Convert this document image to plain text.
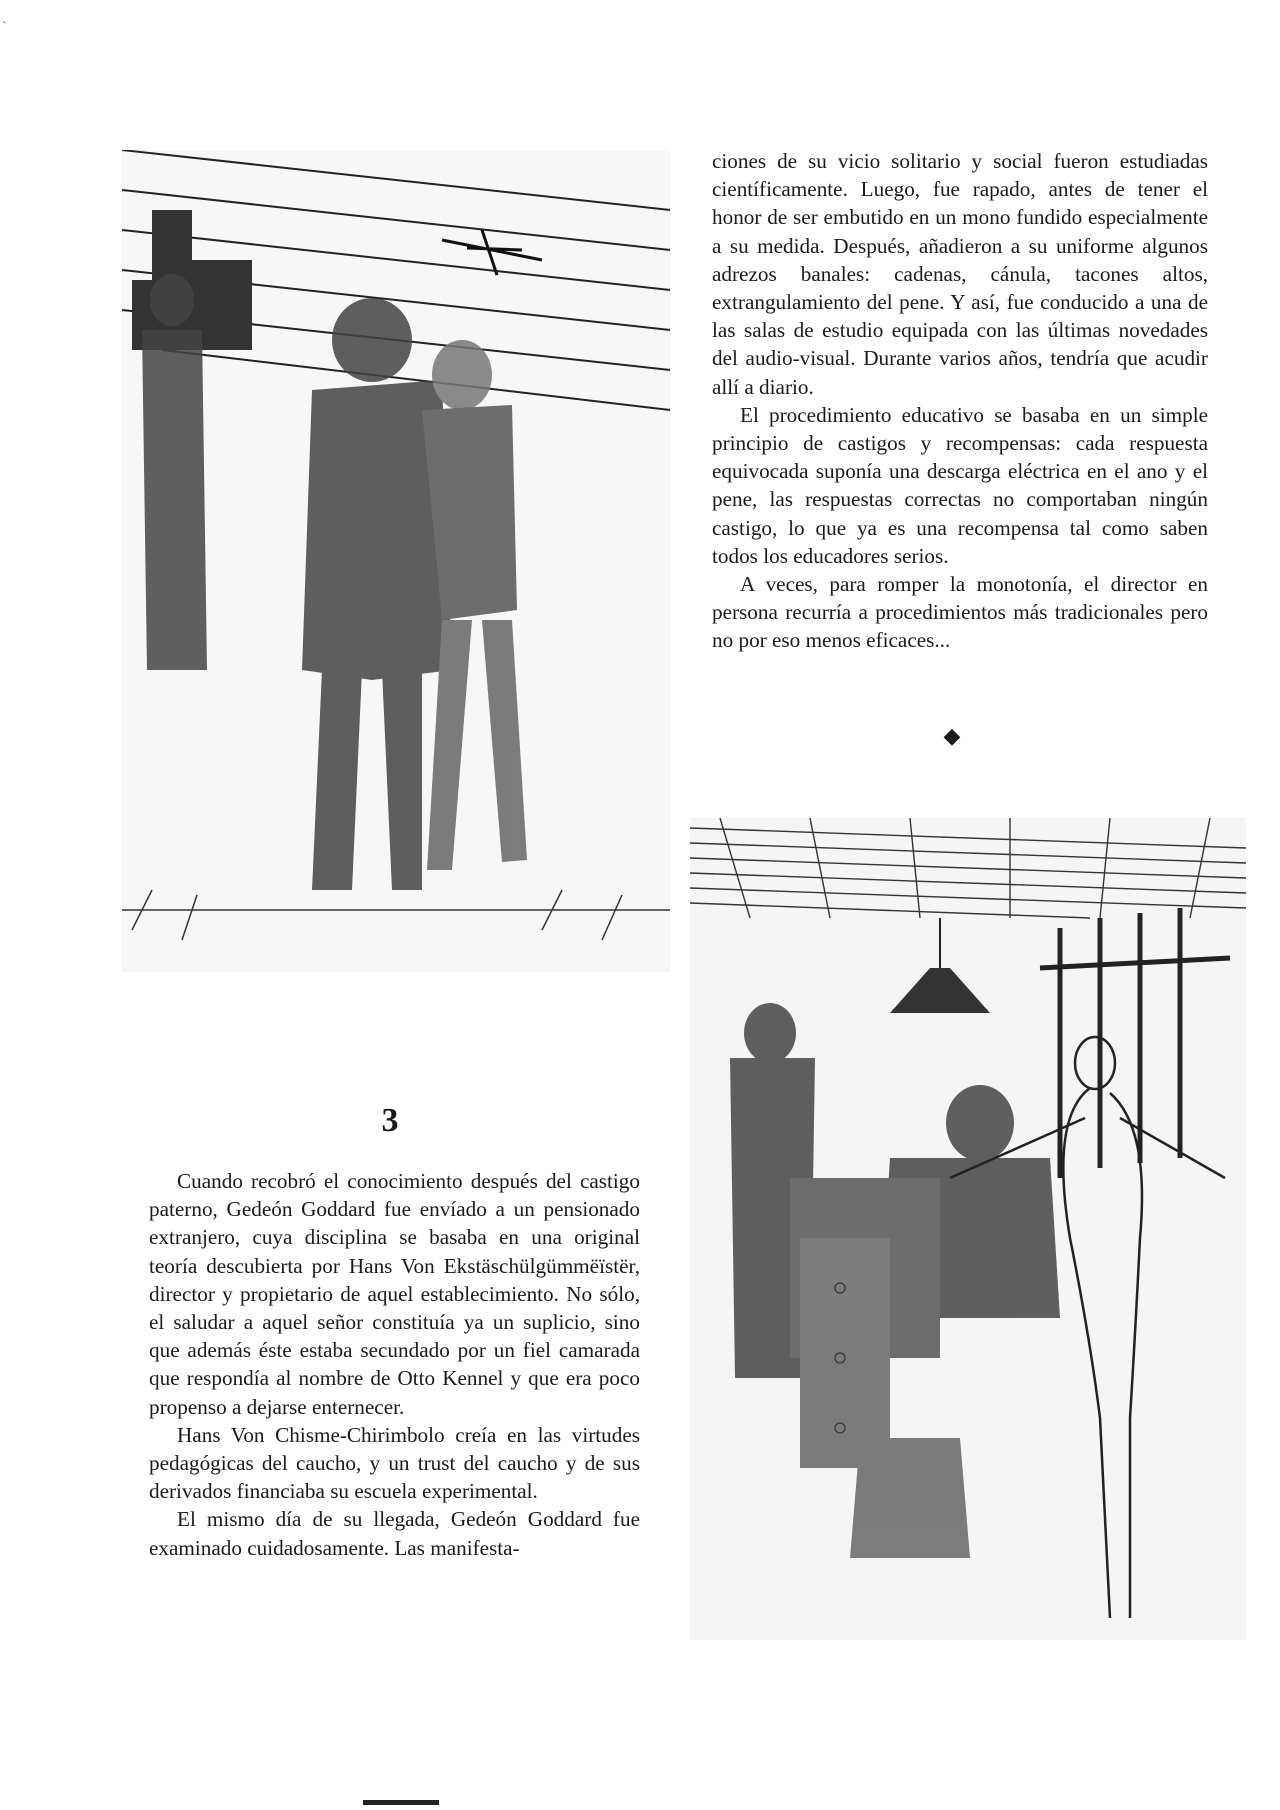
`

ciones de su vicio solitario y social fueron estudiadas científicamente. Luego, fue rapado, antes de tener el honor de ser embutido en un mono fundido especialmente a su medida. Después, añadieron a su uniforme algunos adrezos banales: cadenas, cánula, tacones altos, extrangulamiento del pene. Y así, fue conducido a una de las salas de estudio equipada con las últimas novedades del audio-visual. Durante varios años, tendría que acudir allí a diario.

El procedimiento educativo se basaba en un simple principio de castigos y recompensas: cada respuesta equivocada suponía una descarga eléctrica en el ano y el pene, las respuestas correctas no comportaban ningún castigo, lo que ya es una recompensa tal como saben todos los educadores serios.

A veces, para romper la monotonía, el director en persona recurría a procedimientos más tradicionales pero no por eso menos eficaces...

◆
3

Cuando recobró el conocimiento después del castigo paterno, Gedeón Goddard fue envíado a un pensionado extranjero, cuya disciplina se basaba en una original teoría descubierta por Hans Von Ekstäschülgümmëïstër, director y propietario de aquel establecimiento. No sólo, el saludar a aquel señor constituía ya un suplicio, sino que además éste estaba secundado por un fiel camarada que respondía al nombre de Otto Kennel y que era poco propenso a dejarse enternecer.

Hans Von Chisme-Chirimbolo creía en las virtudes pedagógicas del caucho, y un trust del caucho y de sus derivados financiaba su escuela experimental.

El mismo día de su llegada, Gedeón Goddard fue examinado cuidadosamente. Las manifesta-
